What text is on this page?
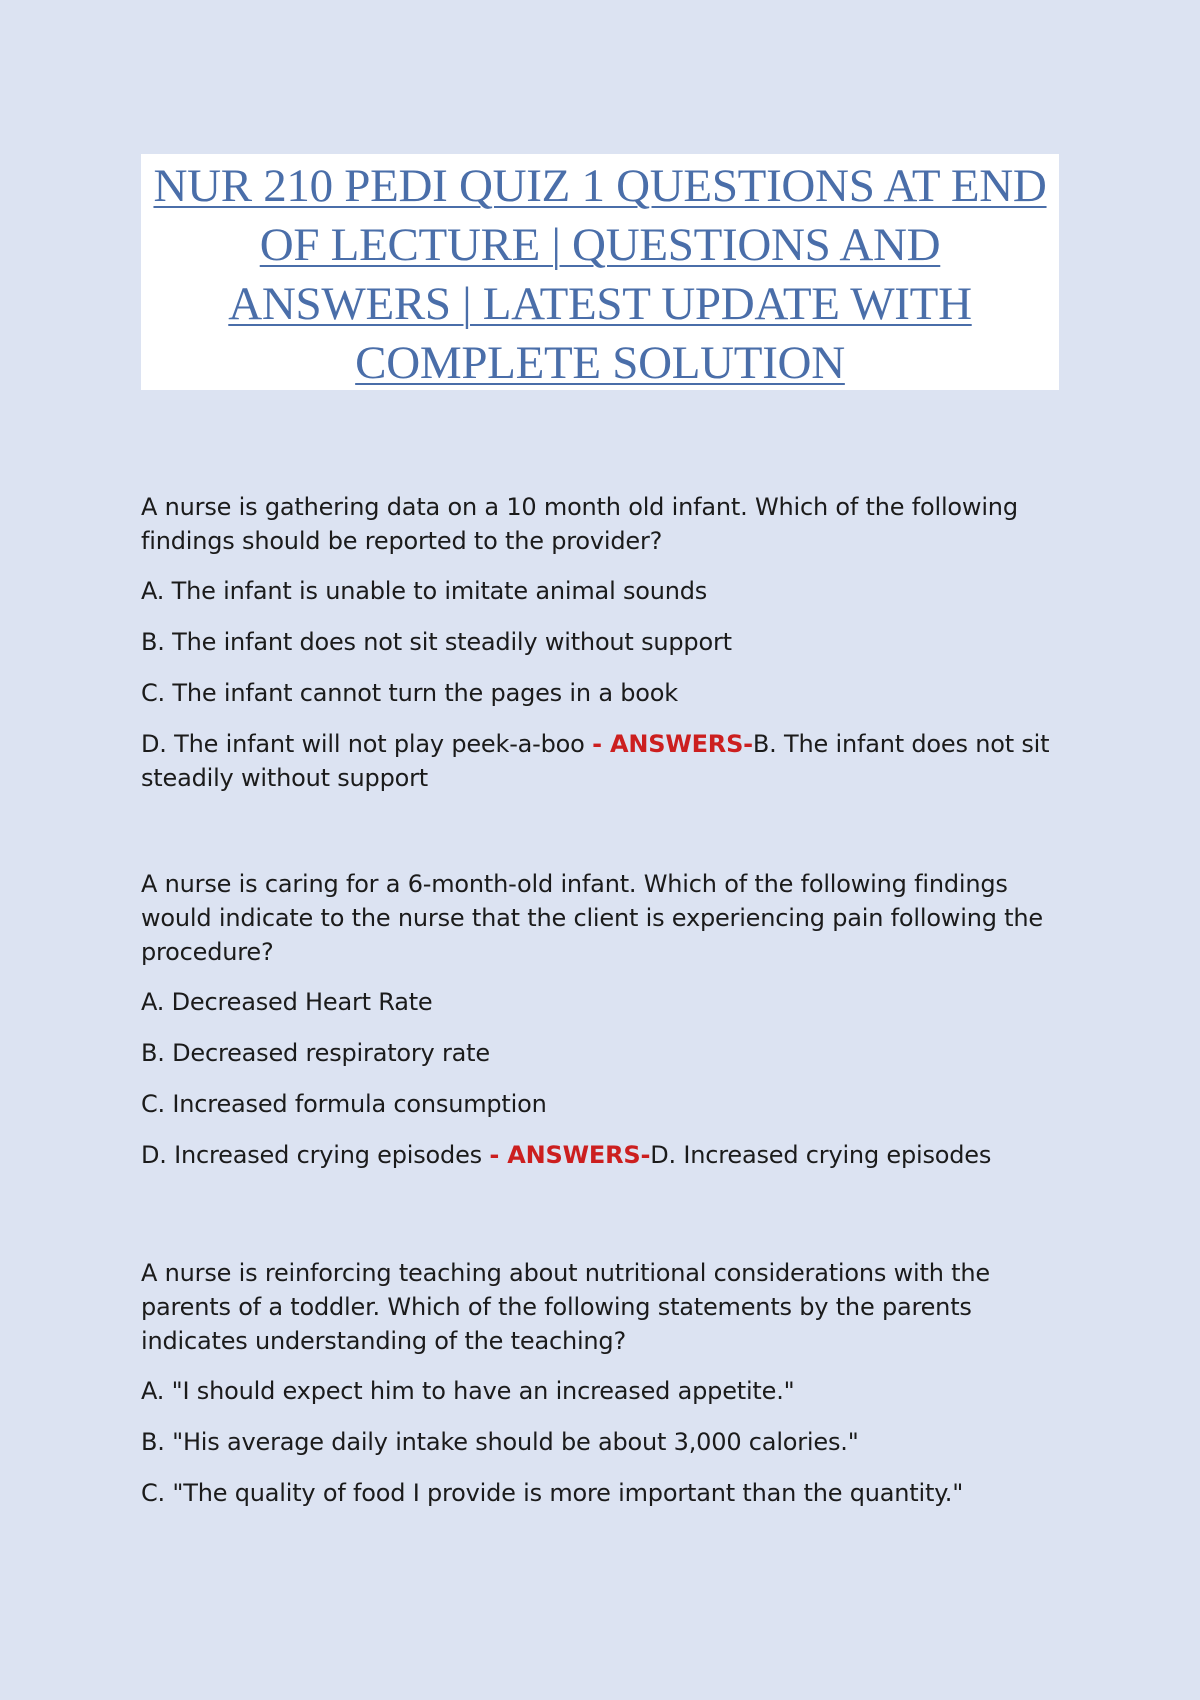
NUR 210 PEDI QUIZ 1 QUESTIONS AT END
OF LECTURE | QUESTIONS AND
ANSWERS | LATEST UPDATE WITH
COMPLETE SOLUTION

A nurse is gathering data on a 10 month old infant. Which of the following findings should be reported to the provider?

A. The infant is unable to imitate animal sounds

B. The infant does not sit steadily without support

C. The infant cannot turn the pages in a book

D. The infant will not play peek-a-boo - ANSWERS-B. The infant does not sit steadily without support

A nurse is caring for a 6-month-old infant. Which of the following findings would indicate to the nurse that the client is experiencing pain following the procedure?

A. Decreased Heart Rate

B. Decreased respiratory rate

C. Increased formula consumption

D. Increased crying episodes - ANSWERS-D. Increased crying episodes

A nurse is reinforcing teaching about nutritional considerations with the parents of a toddler. Which of the following statements by the parents indicates understanding of the teaching?

A. "I should expect him to have an increased appetite."

B. "His average daily intake should be about 3,000 calories."

C. "The quality of food I provide is more important than the quantity."
